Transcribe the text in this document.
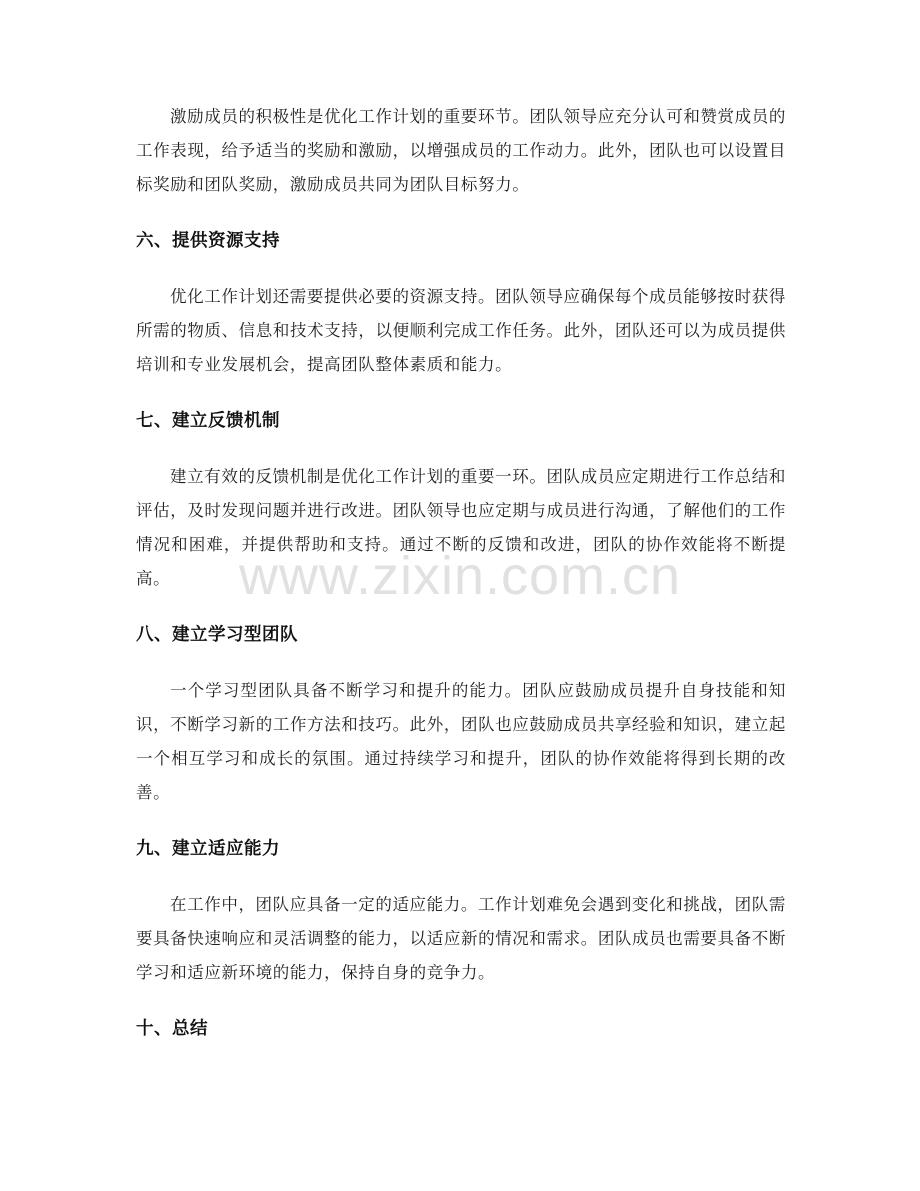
激励成员的积极性是优化工作计划的重要环节。团队领导应充分认可和赞赏成员的工作表现，给予适当的奖励和激励，以增强成员的工作动力。此外，团队也可以设置目标奖励和团队奖励，激励成员共同为团队目标努力。

六、提供资源支持

优化工作计划还需要提供必要的资源支持。团队领导应确保每个成员能够按时获得所需的物质、信息和技术支持，以便顺利完成工作任务。此外，团队还可以为成员提供培训和专业发展机会，提高团队整体素质和能力。

七、建立反馈机制

建立有效的反馈机制是优化工作计划的重要一环。团队成员应定期进行工作总结和评估，及时发现问题并进行改进。团队领导也应定期与成员进行沟通，了解他们的工作情况和困难，并提供帮助和支持。通过不断的反馈和改进，团队的协作效能将不断提高。

八、建立学习型团队

一个学习型团队具备不断学习和提升的能力。团队应鼓励成员提升自身技能和知识，不断学习新的工作方法和技巧。此外，团队也应鼓励成员共享经验和知识，建立起一个相互学习和成长的氛围。通过持续学习和提升，团队的协作效能将得到长期的改善。

九、建立适应能力

在工作中，团队应具备一定的适应能力。工作计划难免会遇到变化和挑战，团队需要具备快速响应和灵活调整的能力，以适应新的情况和需求。团队成员也需要具备不断学习和适应新环境的能力，保持自身的竞争力。

十、总结
www.zixin.com.cn
